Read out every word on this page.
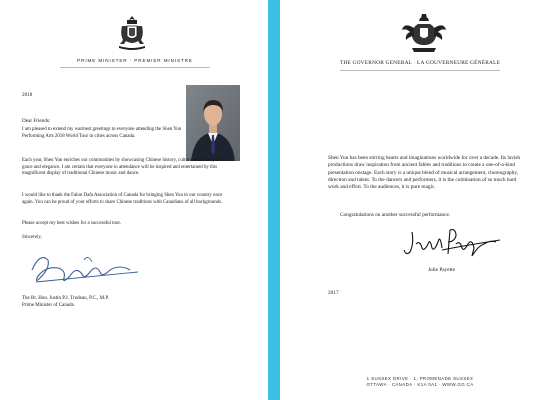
PRIME MINISTER · PREMIER MINISTRE
2018
Dear Friends:

I am pleased to extend my warmest greetings to everyone attending the Shen Yun Performing Arts 2018 World Tour in cities across Canada.

Each year, Shen Yun enriches our communities by showcasing Chinese history, culture and artistry with grace and elegance. I am certain that everyone in attendance will be inspired and entertained by this magnificent display of traditional Chinese music and dance.

I would like to thank the Falun Dafa Association of Canada for bringing Shen Yun to our country once again. You can be proud of your efforts to share Chinese traditions with Canadians of all backgrounds.

Please accept my best wishes for a successful tour.

Sincerely,
The Rt. Hon. Justin P.J. Trudeau, P.C., M.P.
Prime Minister of Canada
THE GOVERNOR GENERAL · LA GOUVERNEURE GÉNÉRALE

Shen Yun has been stirring hearts and imaginations worldwide for over a decade. Its lavish productions draw inspiration from ancient fables and traditions to create a one-of-a-kind presentation onstage. Each story is a unique blend of musical arrangement, choreography, direction and talent. To the dancers and performers, it is the culmination of so much hard work and effort. To the audiences, it is pure magic.

Congratulations on another successful performance.
Julie Payette
2017
1 SUSSEX DRIVE · 1, PROMENADE SUSSEX
OTTAWA · CANADA · K1A 0A1 · WWW.GG.CA
